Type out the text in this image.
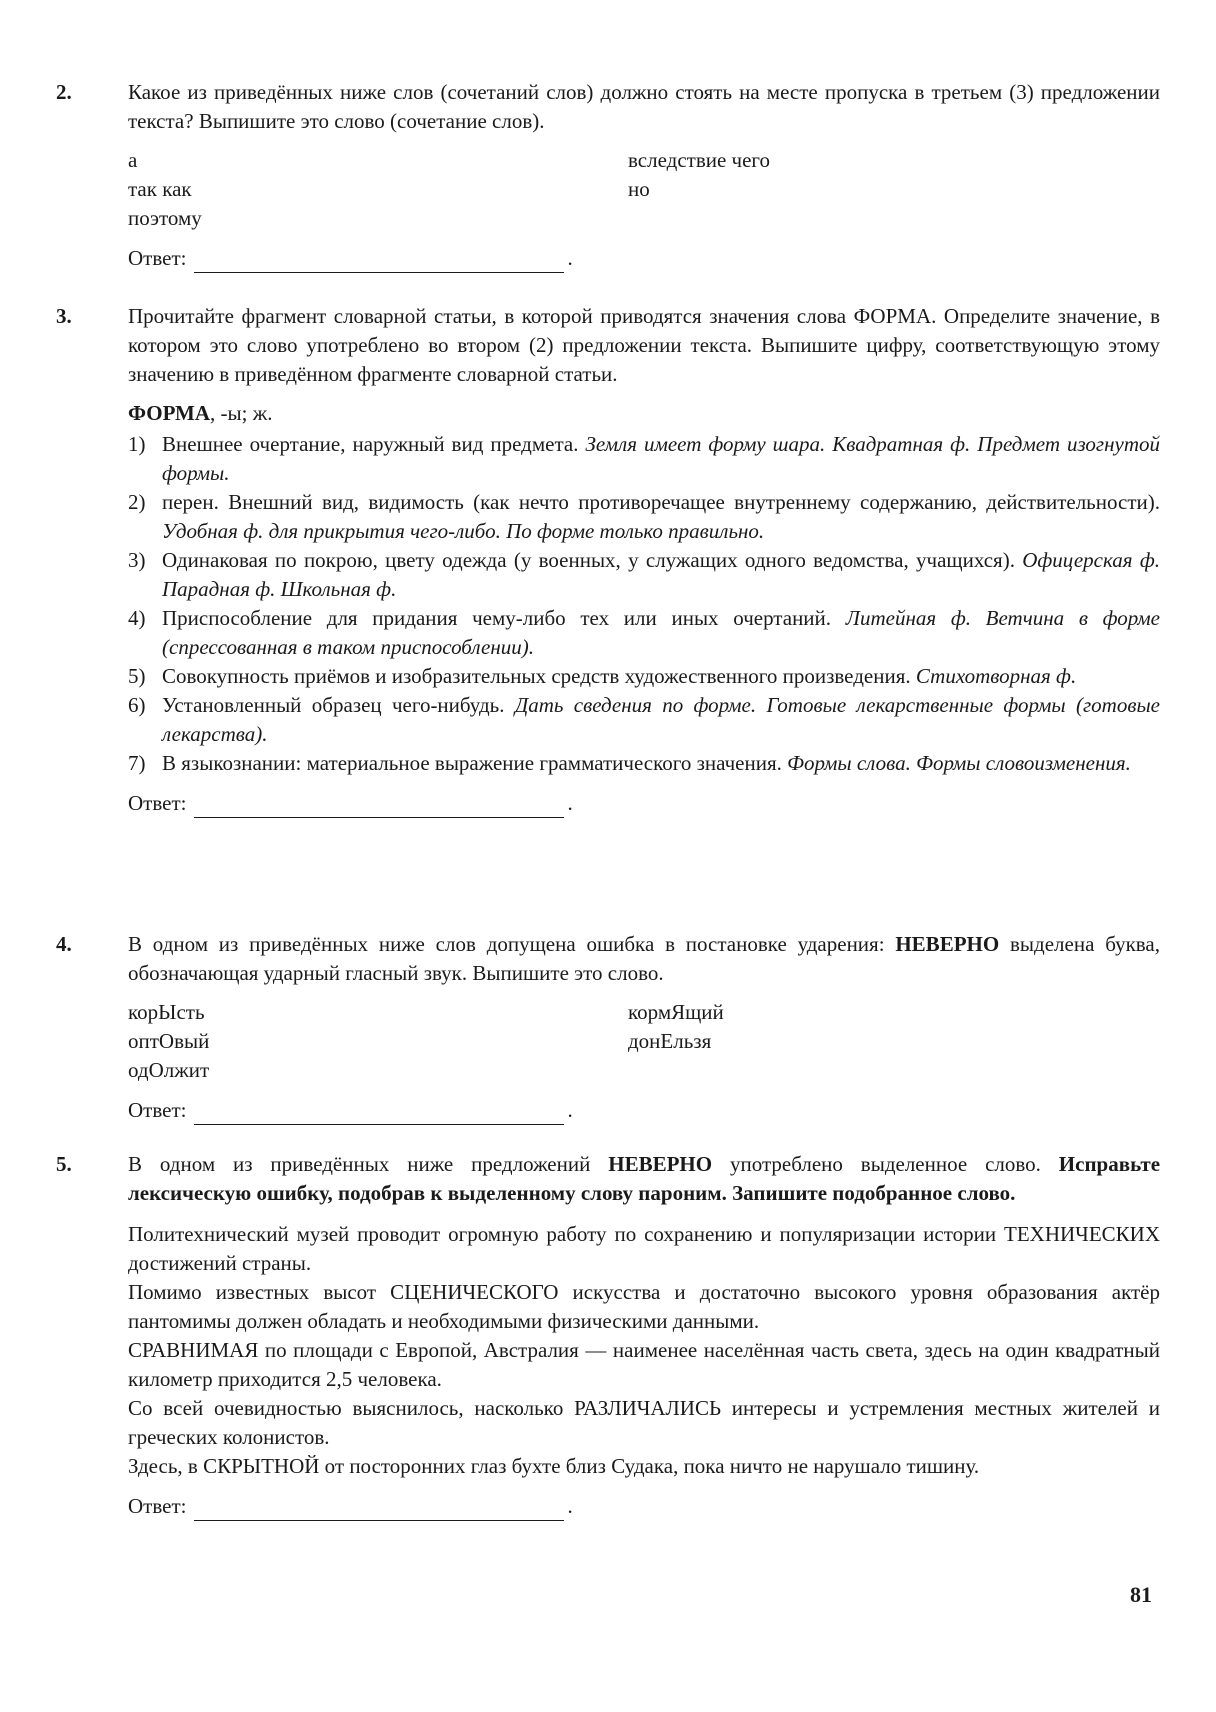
2.	Какое из приведённых ниже слов (сочетаний слов) должно стоять на месте пропуска в третьем (3) предложении текста? Выпишите это слово (сочетание слов).

а
так как
поэтому
вследствие чего
но
Ответ:	.
3.	Прочитайте фрагмент словарной статьи, в которой приводятся значения слова ФОРМА. Определите значение, в котором это слово употреблено во втором (2) предложении текста. Выпишите цифру, соответствующую этому значению в приведённом фрагменте словарной статьи.

ФОРМА, -ы; ж.
1) Внешнее очертание, наружный вид предмета. Земля имеет форму шара. Квадратная ф. Предмет изогнутой формы.
2) перен. Внешний вид, видимость (как нечто противоречащее внутреннему содержанию, действительности). Удобная ф. для прикрытия чего-либо. По форме только правильно.
3) Одинаковая по покрою, цвету одежда (у военных, у служащих одного ведомства, учащихся). Офицерская ф. Парадная ф. Школьная ф.
4) Приспособление для придания чему-либо тех или иных очертаний. Литейная ф. Ветчина в форме (спрессованная в таком приспособлении).
5) Совокупность приёмов и изобразительных средств художественного произведения. Стихотворная ф.
6) Установленный образец чего-нибудь. Дать сведения по форме. Готовые лекарственные формы (готовые лекарства).
7) В языкознании: материальное выражение грамматического значения. Формы слова. Формы словоизменения.
Ответ:	.
4.	В одном из приведённых ниже слов допущена ошибка в постановке ударения: НЕВЕРНО выделена буква, обозначающая ударный гласный звук. Выпишите это слово.

корЫсть
оптОвый
одОлжит
кормЯщий
донЕльзя
Ответ:	.
5.	В одном из приведённых ниже предложений НЕВЕРНО употреблено выделенное слово. Исправьте лексическую ошибку, подобрав к выделенному слову пароним. Запишите подобранное слово.

Политехнический музей проводит огромную работу по сохранению и популяризации истории ТЕХНИЧЕСКИХ достижений страны.

Помимо известных высот СЦЕНИЧЕСКОГО искусства и достаточно высокого уровня образования актёр пантомимы должен обладать и необходимыми физическими данными.

СРАВНИМАЯ по площади с Европой, Австралия — наименее населённая часть света, здесь на один квадратный километр приходится 2,5 человека.

Со всей очевидностью выяснилось, насколько РАЗЛИЧАЛИСЬ интересы и устремления местных жителей и греческих колонистов.

Здесь, в СКРЫТНОЙ от посторонних глаз бухте близ Судака, пока ничто не нарушало тишину.

Ответ:	.
81
